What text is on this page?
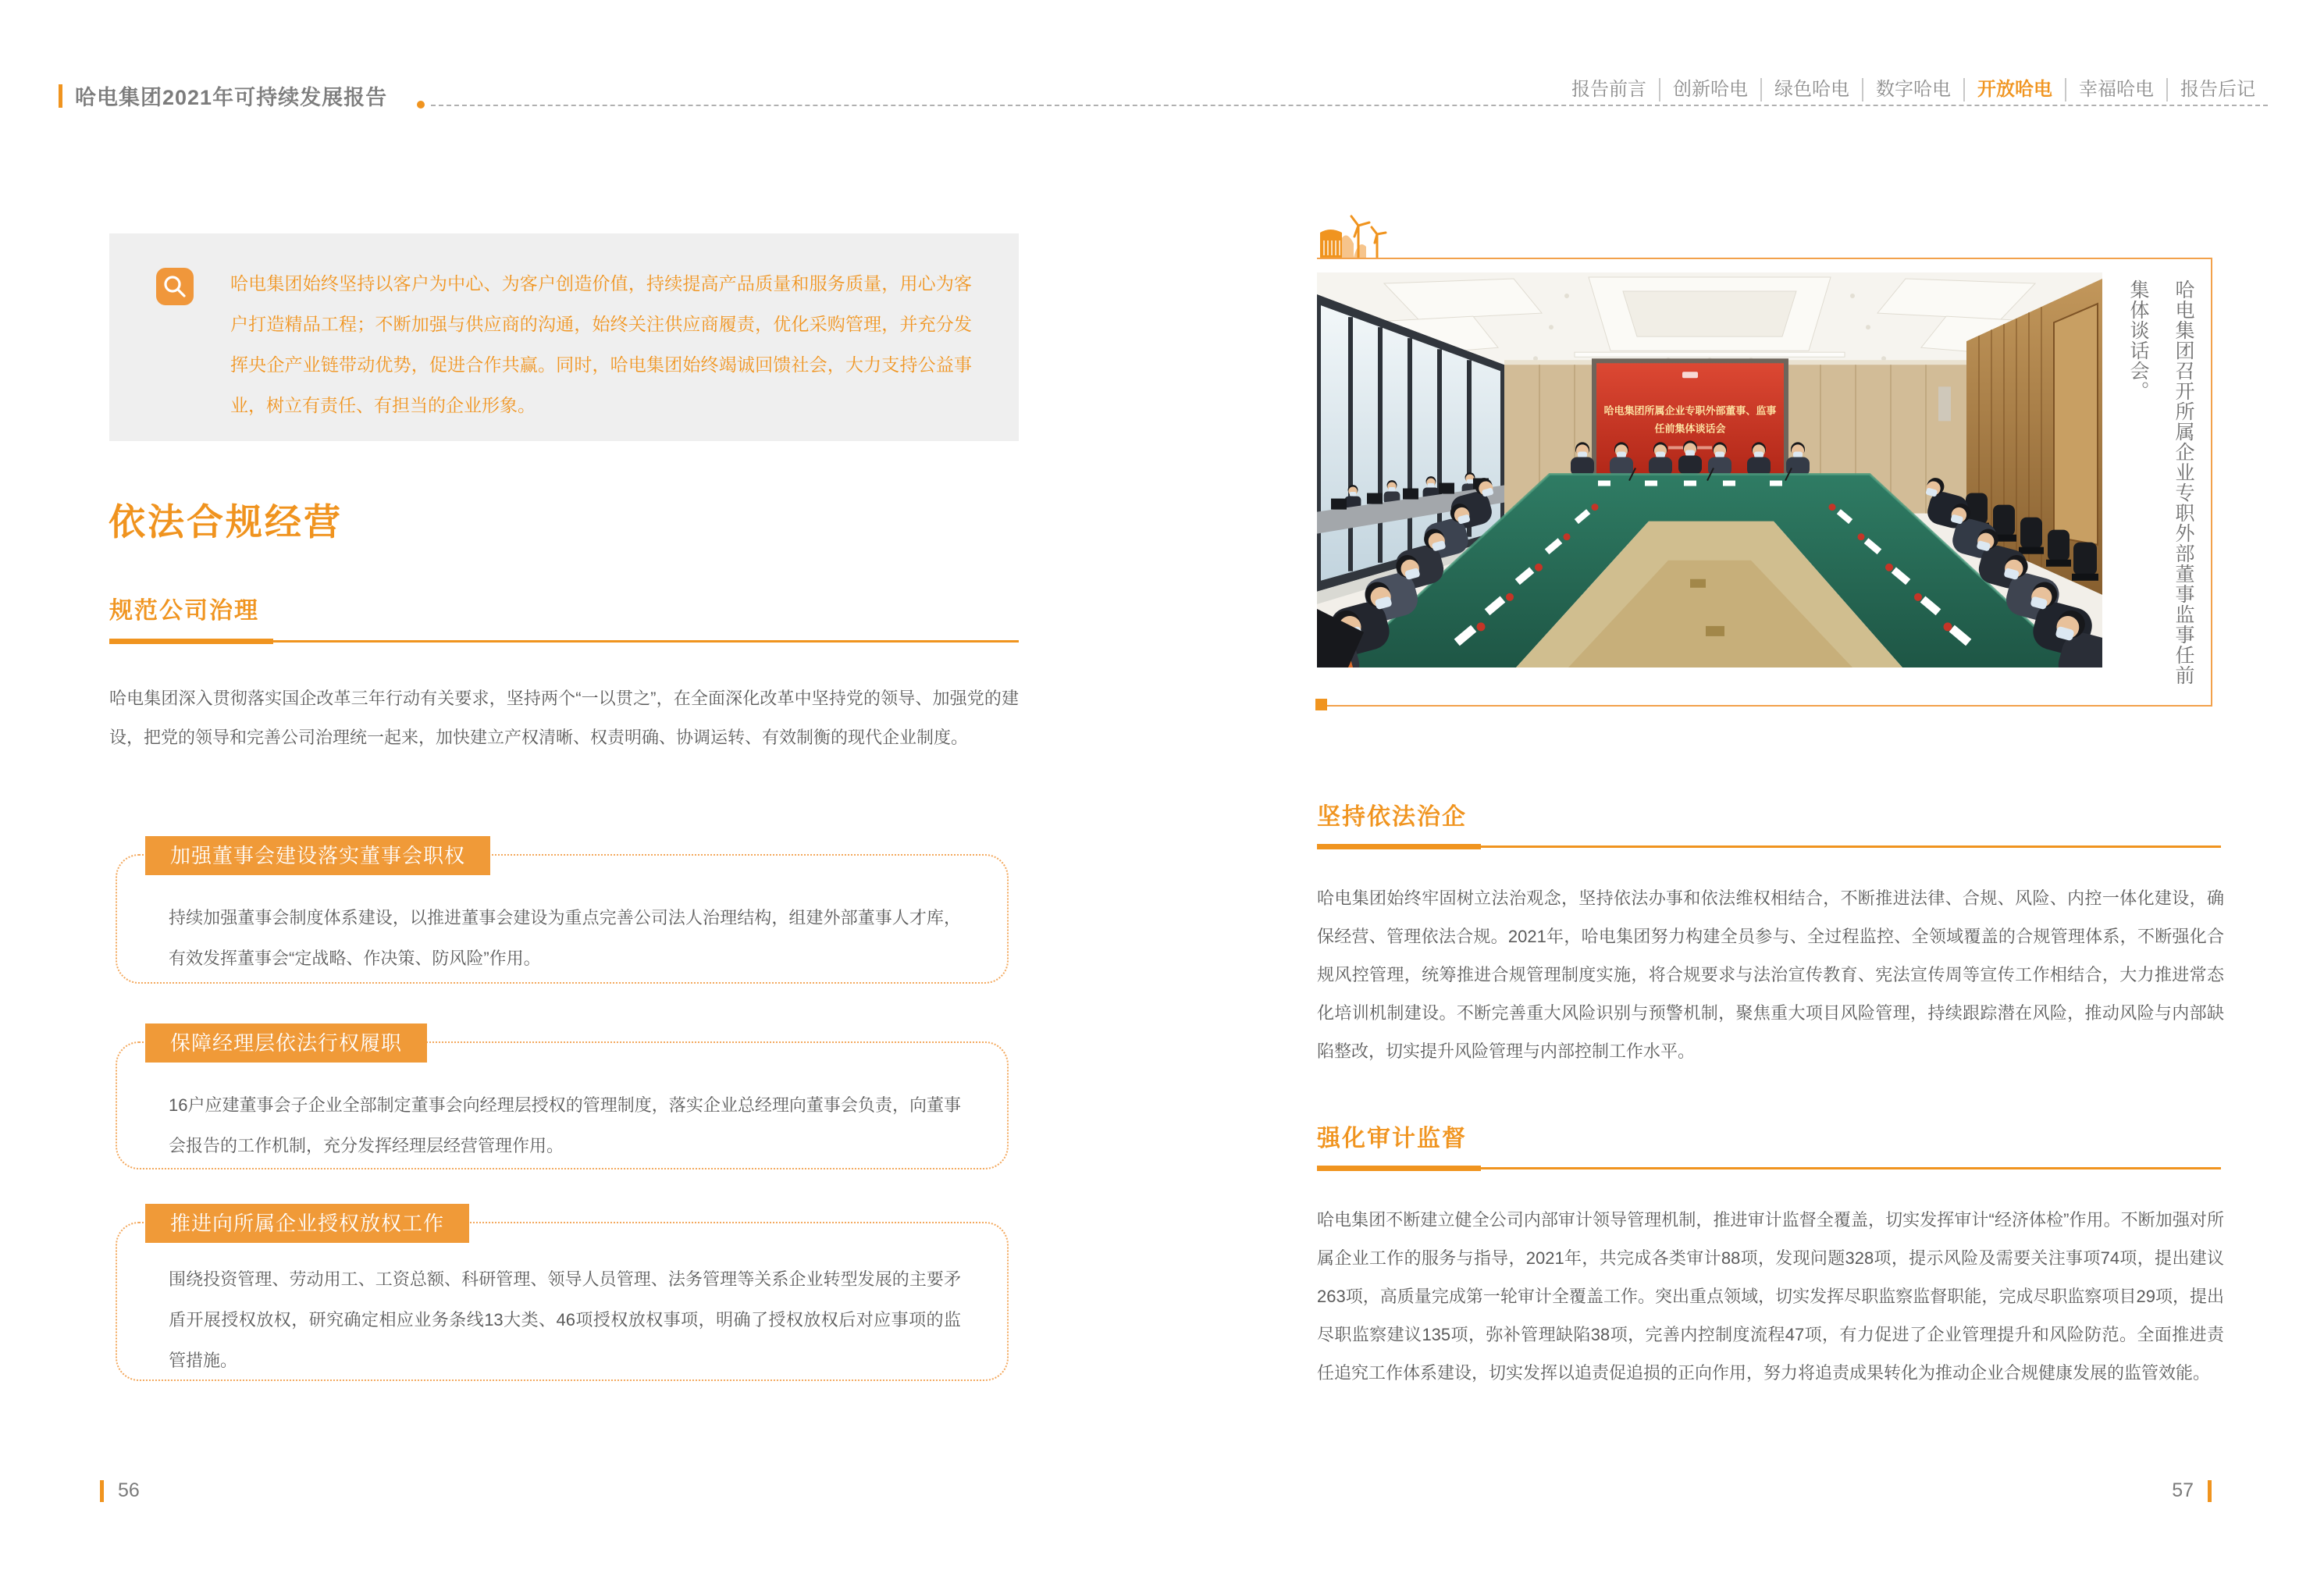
哈电集团2021年可持续发展报告	报告前言	创新哈电	绿色哈电	数字哈电	开放哈电	幸福哈电	报告后记
哈电集团始终坚持以客户为中心、为客户创造价值，持续提高产品质量和服务质量，用心为客户打造精品工程；不断加强与供应商的沟通，始终关注供应商履责，优化采购管理，并充分发挥央企产业链带动优势，促进合作共赢。同时，哈电集团始终竭诚回馈社会，大力支持公益事业，树立有责任、有担当的企业形象。
依法合规经营
规范公司治理
哈电集团深入贯彻落实国企改革三年行动有关要求，坚持两个“一以贯之”，在全面深化改革中坚持党的领导、加强党的建设，把党的领导和完善公司治理统一起来，加快建立产权清晰、权责明确、协调运转、有效制衡的现代企业制度。
加强董事会建设落实董事会职权
持续加强董事会制度体系建设，以推进董事会建设为重点完善公司法人治理结构，组建外部董事人才库，有效发挥董事会“定战略、作决策、防风险”作用。
保障经理层依法行权履职
16户应建董事会子企业全部制定董事会向经理层授权的管理制度，落实企业总经理向董事会负责，向董事会报告的工作机制，充分发挥经理层经营管理作用。
推进向所属企业授权放权工作
围绕投资管理、劳动用工、工资总额、科研管理、领导人员管理、法务管理等关系企业转型发展的主要矛盾开展授权放权，研究确定相应业务条线13大类、46项授权放权事项，明确了授权放权后对应事项的监管措施。
56	57
哈电集团所属企业专职外部董事、监事
任前集体谈话会	哈电集团召开所属企业专职外部董事监事任前
集体谈话会。
坚持依法治企
哈电集团始终牢固树立法治观念，坚持依法办事和依法维权相结合，不断推进法律、合规、风险、内控一体化建设，确保经营、管理依法合规。2021年，哈电集团努力构建全员参与、全过程监控、全领域覆盖的合规管理体系，不断强化合规风控管理，统筹推进合规管理制度实施，将合规要求与法治宣传教育、宪法宣传周等宣传工作相结合，大力推进常态化培训机制建设。不断完善重大风险识别与预警机制，聚焦重大项目风险管理，持续跟踪潜在风险，推动风险与内部缺陷整改，切实提升风险管理与内部控制工作水平。
强化审计监督
哈电集团不断建立健全公司内部审计领导管理机制，推进审计监督全覆盖，切实发挥审计“经济体检”作用。不断加强对所属企业工作的服务与指导，2021年，共完成各类审计88项，发现问题328项，提示风险及需要关注事项74项，提出建议263项，高质量完成第一轮审计全覆盖工作。突出重点领域，切实发挥尽职监察监督职能，完成尽职监察项目29项，提出尽职监察建议135项，弥补管理缺陷38项，完善内控制度流程47项，有力促进了企业管理提升和风险防范。全面推进责任追究工作体系建设，切实发挥以追责促追损的正向作用，努力将追责成果转化为推动企业合规健康发展的监管效能。
